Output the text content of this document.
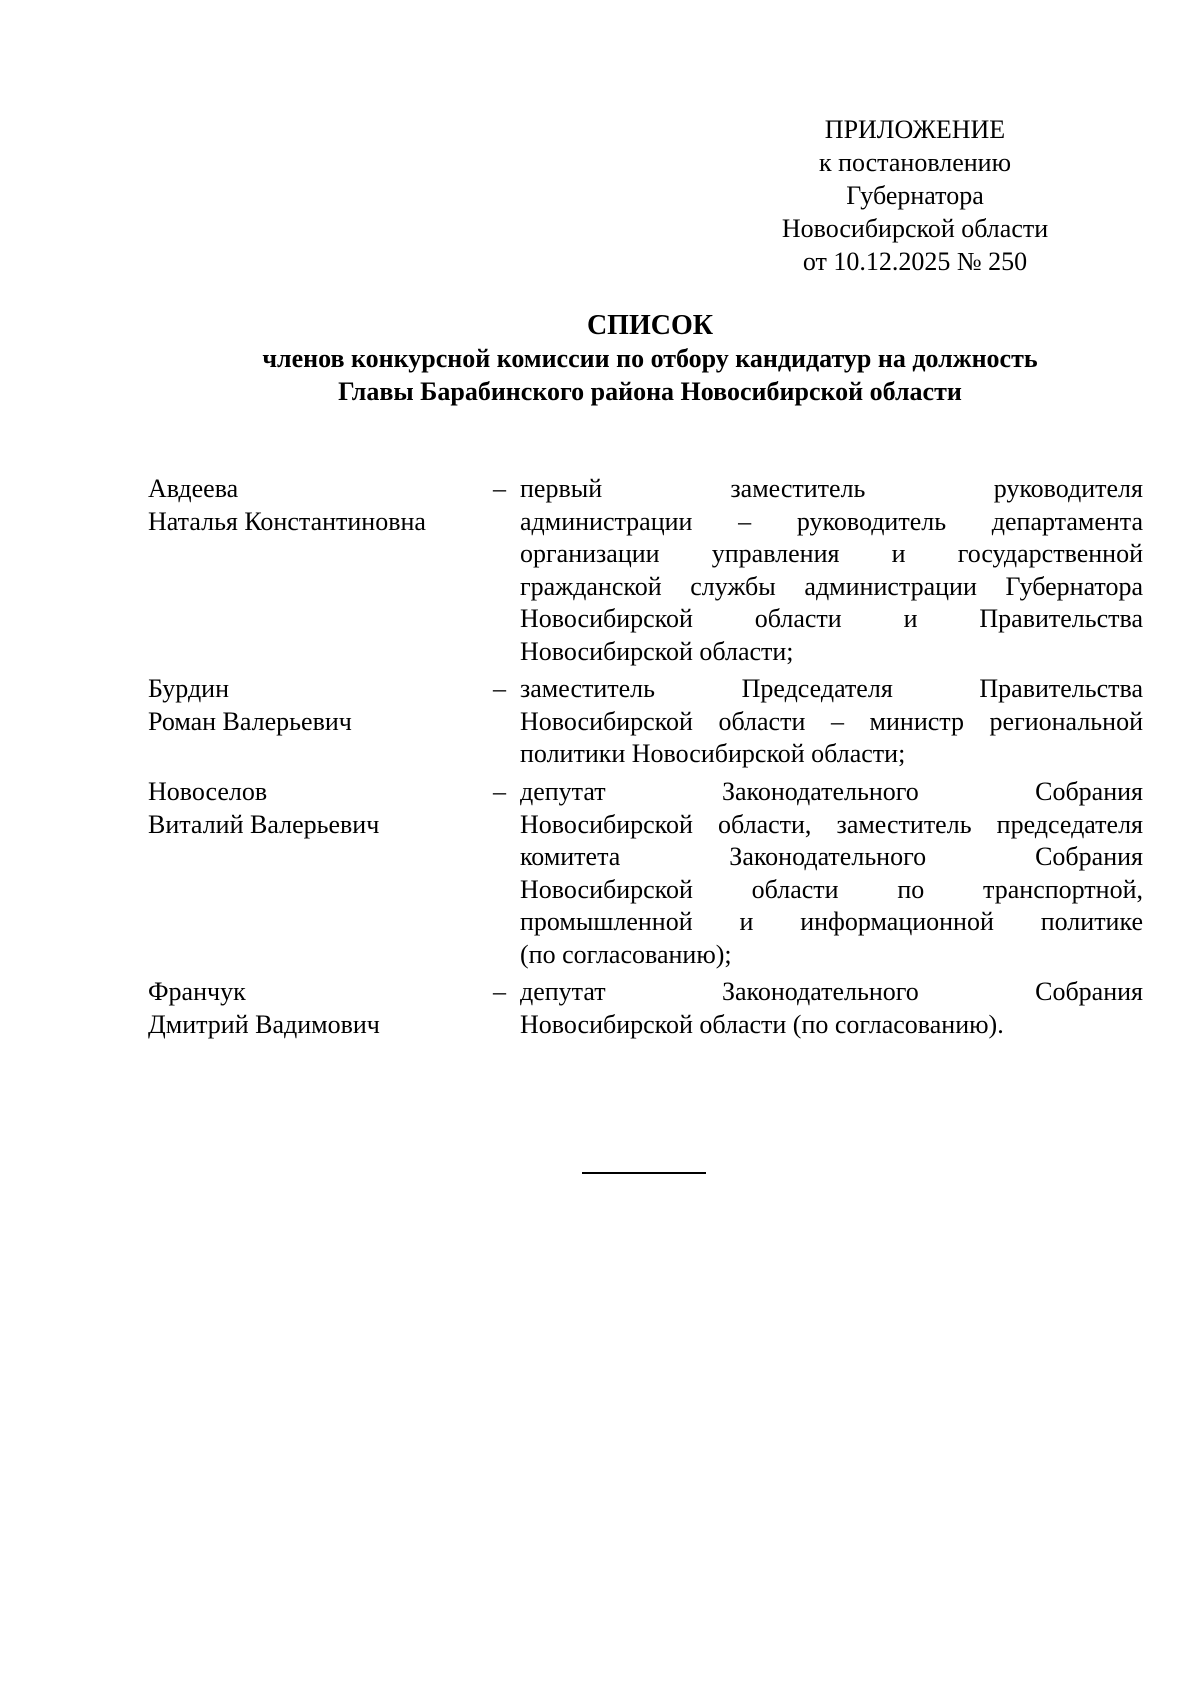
ПРИЛОЖЕНИЕ
к постановлению Губернатора
Новосибирской области
от 10.12.2025 № 250
СПИСОК
членов конкурсной комиссии по отбору кандидатур на должность
Главы Барабинского района Новосибирской области
Авдеева
Наталья Константиновна
– первый заместитель руководителя
администрации – руководитель департамента
организации управления и государственной
гражданской службы администрации Губернатора
Новосибирской области и Правительства
Новосибирской области;
Бурдин
Роман Валерьевич
– заместитель Председателя Правительства
Новосибирской области – министр региональной
политики Новосибирской области;
Новоселов
Виталий Валерьевич
– депутат Законодательного Собрания
Новосибирской области, заместитель председателя
комитета Законодательного Собрания
Новосибирской области по транспортной,
промышленной и информационной политике
(по согласованию);
Франчук
Дмитрий Вадимович
– депутат Законодательного Собрания
Новосибирской области (по согласованию).
